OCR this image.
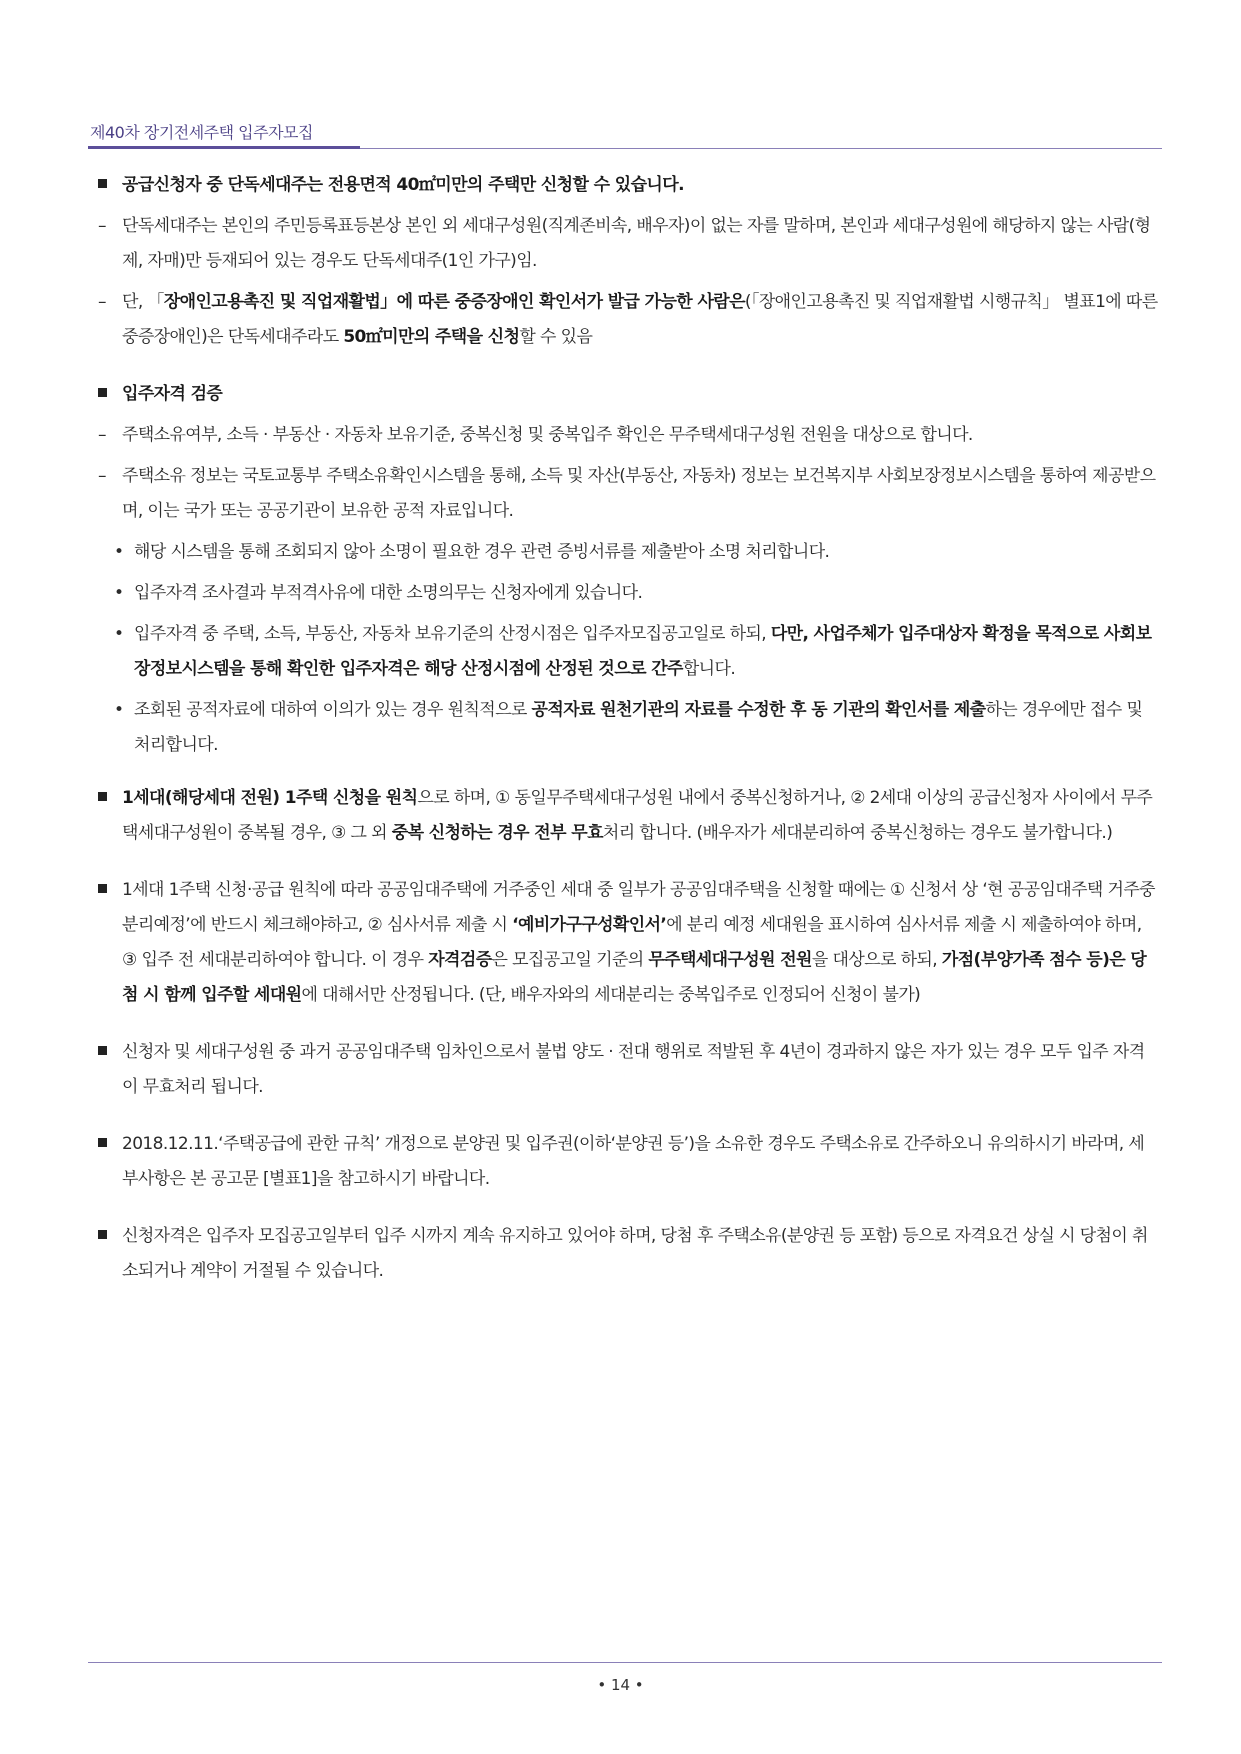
제40차 장기전세주택 입주자모집

공급신청자 중 단독세대주는 전용면적 40㎡미만의 주택만 신청할 수 있습니다.

– 단독세대주는 본인의 주민등록표등본상 본인 외 세대구성원(직계존비속, 배우자)이 없는 자를 말하며, 본인과 세대구성원에 해당하지 않는 사람(형제, 자매)만 등재되어 있는 경우도 단독세대주(1인 가구)임.

– 단, 「장애인고용촉진 및 직업재활법」에 따른 중증장애인 확인서가 발급 가능한 사람은(「장애인고용촉진 및 직업재활법 시행규칙」 별표1에 따른 중증장애인)은 단독세대주라도 50㎡미만의 주택을 신청할 수 있음

입주자격 검증

– 주택소유여부, 소득 · 부동산 · 자동차 보유기준, 중복신청 및 중복입주 확인은 무주택세대구성원 전원을 대상으로 합니다.

– 주택소유 정보는 국토교통부 주택소유확인시스템을 통해, 소득 및 자산(부동산, 자동차) 정보는 보건복지부 사회보장정보시스템을 통하여 제공받으며, 이는 국가 또는 공공기관이 보유한 공적 자료입니다.

• 해당 시스템을 통해 조회되지 않아 소명이 필요한 경우 관련 증빙서류를 제출받아 소명 처리합니다.

• 입주자격 조사결과 부적격사유에 대한 소명의무는 신청자에게 있습니다.

• 입주자격 중 주택, 소득, 부동산, 자동차 보유기준의 산정시점은 입주자모집공고일로 하되, 다만, 사업주체가 입주대상자 확정을 목적으로 사회보장정보시스템을 통해 확인한 입주자격은 해당 산정시점에 산정된 것으로 간주합니다.

• 조회된 공적자료에 대하여 이의가 있는 경우 원칙적으로 공적자료 원천기관의 자료를 수정한 후 동 기관의 확인서를 제출하는 경우에만 접수 및 처리합니다.

1세대(해당세대 전원) 1주택 신청을 원칙으로 하며, ① 동일무주택세대구성원 내에서 중복신청하거나, ② 2세대 이상의 공급신청자 사이에서 무주택세대구성원이 중복될 경우, ③ 그 외 중복 신청하는 경우 전부 무효처리 합니다. (배우자가 세대분리하여 중복신청하는 경우도 불가합니다.)

1세대 1주택 신청·공급 원칙에 따라 공공임대주택에 거주중인 세대 중 일부가 공공임대주택을 신청할 때에는 ① 신청서 상 ‘현 공공임대주택 거주중 분리예정’에 반드시 체크해야하고, ② 심사서류 제출 시 ‘예비가구구성확인서’에 분리 예정 세대원을 표시하여 심사서류 제출 시 제출하여야 하며, ③ 입주 전 세대분리하여야 합니다. 이 경우 자격검증은 모집공고일 기준의 무주택세대구성원 전원을 대상으로 하되, 가점(부양가족 점수 등)은 당첨 시 함께 입주할 세대원에 대해서만 산정됩니다. (단, 배우자와의 세대분리는 중복입주로 인정되어 신청이 불가)

신청자 및 세대구성원 중 과거 공공임대주택 임차인으로서 불법 양도 · 전대 행위로 적발된 후 4년이 경과하지 않은 자가 있는 경우 모두 입주 자격이 무효처리 됩니다.

2018.12.11.‘주택공급에 관한 규칙’ 개정으로 분양권 및 입주권(이하‘분양권 등’)을 소유한 경우도 주택소유로 간주하오니 유의하시기 바라며, 세부사항은 본 공고문 [별표1]을 참고하시기 바랍니다.

신청자격은 입주자 모집공고일부터 입주 시까지 계속 유지하고 있어야 하며, 당첨 후 주택소유(분양권 등 포함) 등으로 자격요건 상실 시 당첨이 취소되거나 계약이 거절될 수 있습니다.

• 14 •
